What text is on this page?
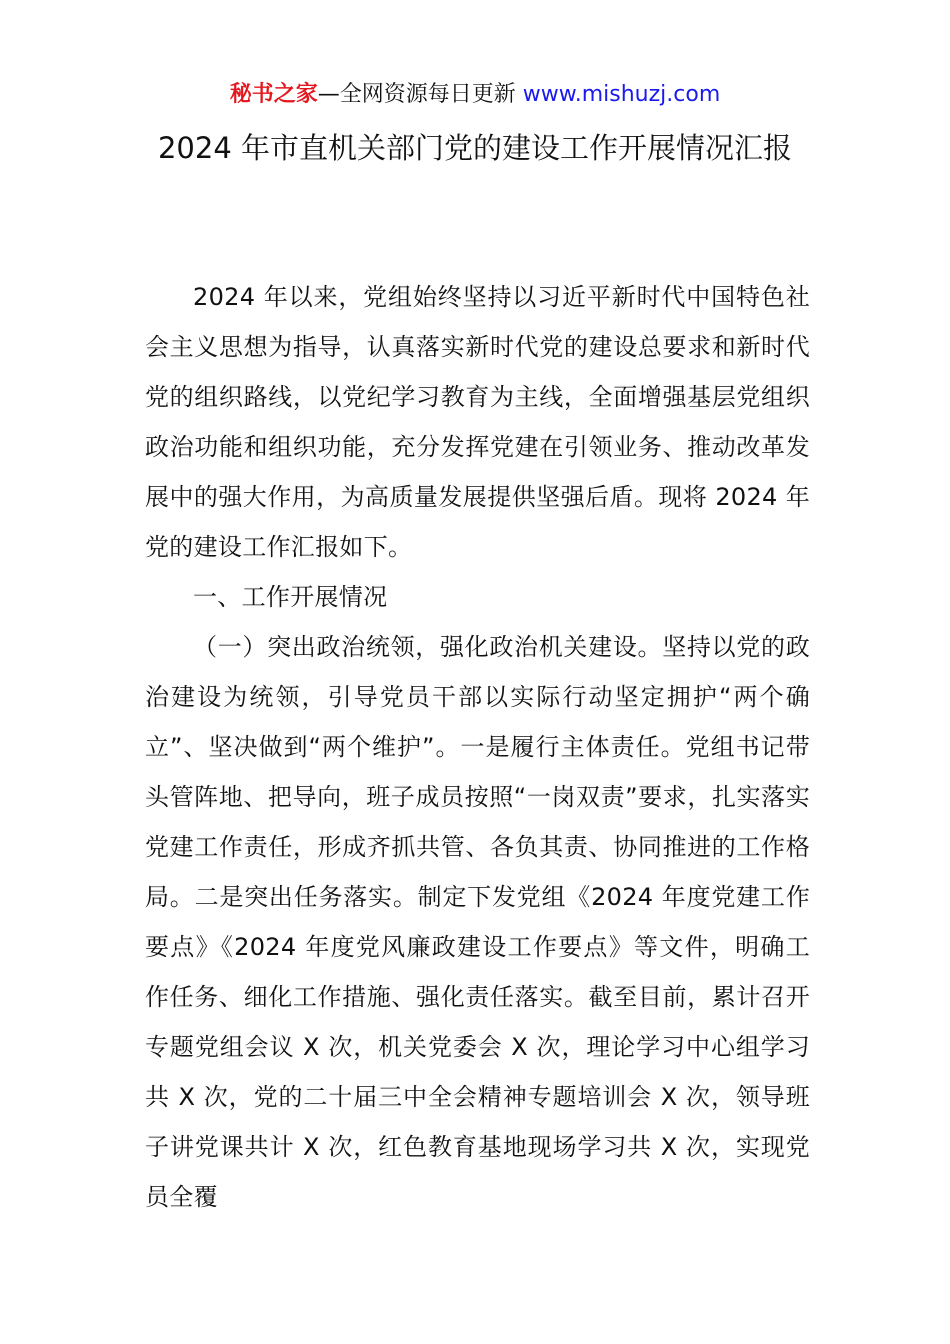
秘书之家—全网资源每日更新 www.mishuzj.com
2024 年市直机关部门党的建设工作开展情况汇报

2024 年以来，党组始终坚持以习近平新时代中国特色社会主义思想为指导，认真落实新时代党的建设总要求和新时代党的组织路线，以党纪学习教育为主线，全面增强基层党组织政治功能和组织功能，充分发挥党建在引领业务、推动改革发展中的强大作用，为高质量发展提供坚强后盾。现将 2024 年党的建设工作汇报如下。

一、工作开展情况

（一）突出政治统领，强化政治机关建设。坚持以党的政治建设为统领，引导党员干部以实际行动坚定拥护“两个确立”、坚决做到“两个维护”。一是履行主体责任。党组书记带头管阵地、把导向，班子成员按照“一岗双责”要求，扎实落实党建工作责任，形成齐抓共管、各负其责、协同推进的工作格局。二是突出任务落实。制定下发党组《2024 年度党建工作要点》《2024 年度党风廉政建设工作要点》等文件，明确工作任务、细化工作措施、强化责任落实。截至目前，累计召开专题党组会议 X 次，机关党委会 X 次，理论学习中心组学习共 X 次，党的二十届三中全会精神专题培训会 X 次，领导班子讲党课共计 X 次，红色教育基地现场学习共 X 次，实现党员全覆
